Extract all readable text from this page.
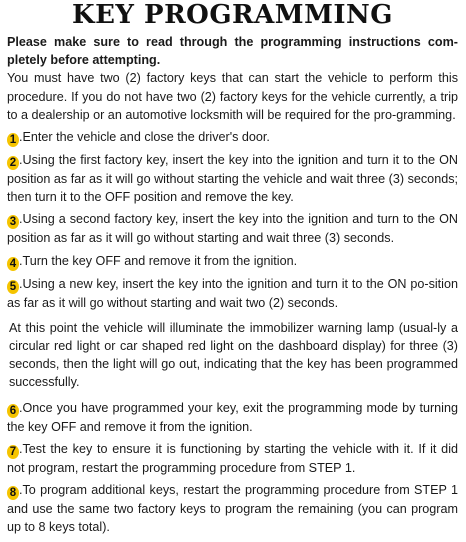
KEY PROGRAMMING

Please make sure to read through the programming instructions com-pletely before attempting.

You must have two (2) factory keys that can start the vehicle to perform this procedure. If you do not have two (2) factory keys for the vehicle currently, a trip to a dealership or an automotive locksmith will be required for the pro-gramming.

1 .Enter the vehicle and close the driver's door.

2 .Using the first factory key, insert the key into the ignition and turn it to the ON position as far as it will go without starting the vehicle and wait three (3) seconds; then turn it to the OFF position and remove the key.

3 .Using a second factory key, insert the key into the ignition and turn to the ON position as far as it will go without starting and wait three (3) seconds.

4 .Turn the key OFF and remove it from the ignition.

5 .Using a new key, insert the key into the ignition and turn it to the ON po-sition as far as it will go without starting and wait two (2) seconds.

At this point the vehicle will illuminate the immobilizer warning lamp (usual-ly a circular red light or car shaped red light on the dashboard display) for three (3) seconds, then the light will go out, indicating that the key has been programmed successfully.

6 .Once you have programmed your key, exit the programming mode by turning the key OFF and remove it from the ignition.

7 .Test the key to ensure it is functioning by starting the vehicle with it. If it did not program, restart the programming procedure from STEP 1.

8 .To program additional keys, restart the programming procedure from STEP 1 and use the same two factory keys to program the remaining (you can program up to 8 keys total).
